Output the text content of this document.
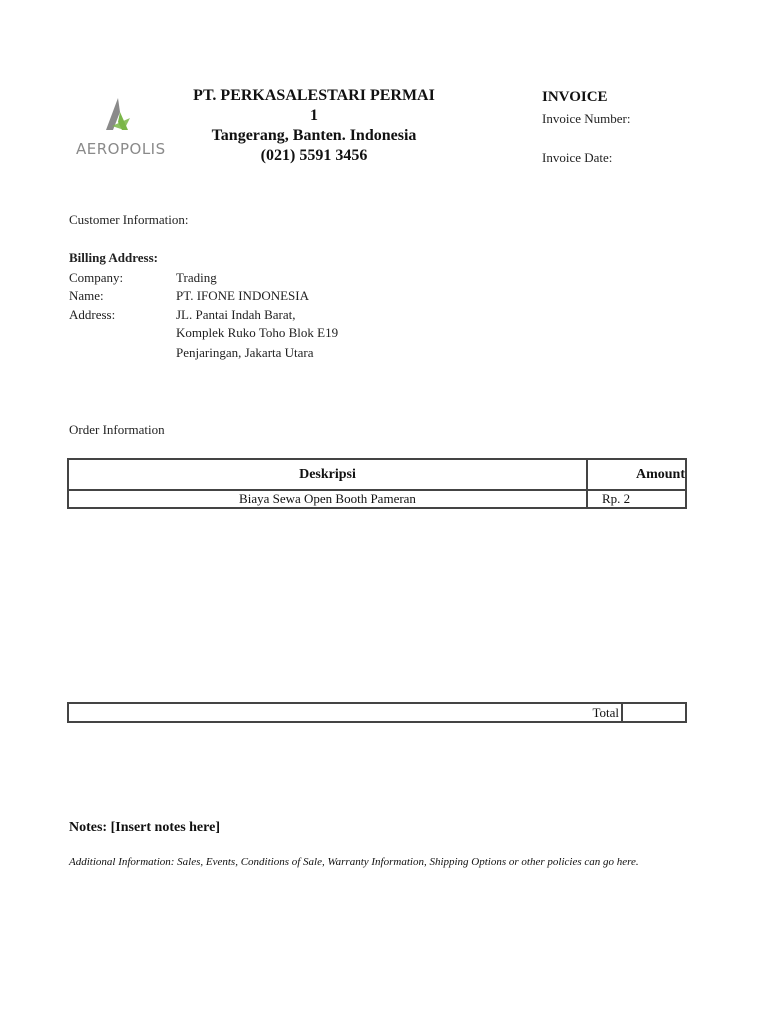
AEROPOLIS
PT. PERKASALESTARI PERMAI
1
Tangerang, Banten. Indonesia
(021) 5591 3456
INVOICE
Invoice Number:
Invoice Date:
Customer Information:
Billing Address:
Company:	Trading
Name:	PT. IFONE INDONESIA
Address:	JL. Pantai Indah Barat,
Komplek Ruko Toho Blok E19
Penjaringan, Jakarta Utara
Order Information
Deskripsi	Amount
Biaya Sewa Open Booth Pameran	Rp. 2
Total	
Notes: [Insert notes here]
Additional Information: Sales, Events, Conditions of Sale, Warranty Information, Shipping Options or other policies can go here.
